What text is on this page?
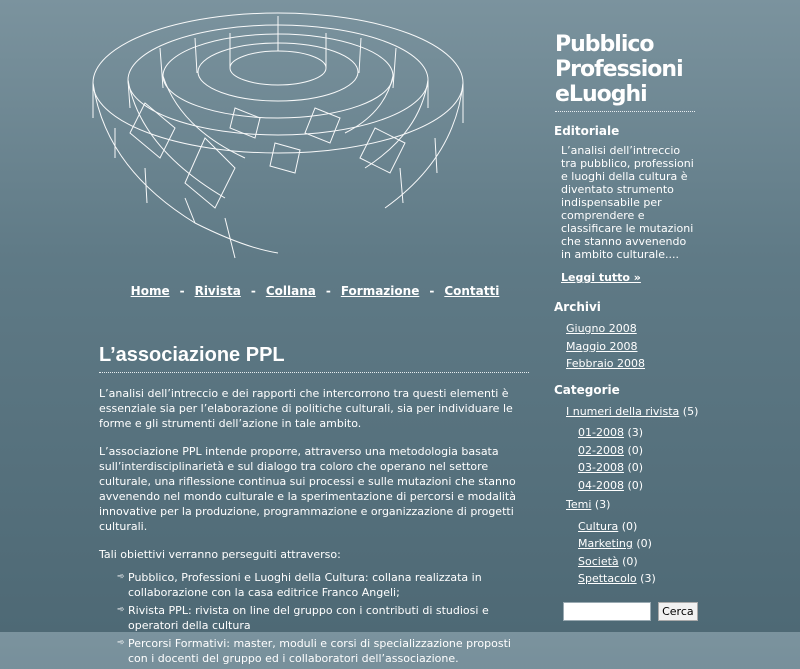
Pubblico
Professioni
eLuoghi
Home - Rivista - Collana - Formazione - Contatti
L’associazione PPL

L’analisi dell’intreccio e dei rapporti che intercorrono tra questi elementi è essenziale sia per l’elaborazione di politiche culturali, sia per individuare le forme e gli strumenti dell’azione in tale ambito.

L’associazione PPL intende proporre, attraverso una metodologia basata sull’interdisciplinarietà e sul dialogo tra coloro che operano nel settore culturale, una riflessione continua sui processi e sulle mutazioni che stanno avvenendo nel mondo culturale e la sperimentazione di percorsi e modalità innovative per la produzione, programmazione e organizzazione di progetti culturali.

Tali obiettivi verranno perseguiti attraverso:

➾ Pubblico, Professioni e Luoghi della Cultura: collana realizzata in collaborazione con la casa editrice Franco Angeli;
➾ Rivista PPL: rivista on line del gruppo con i contributi di studiosi e operatori della cultura
➾ Percorsi Formativi: master, moduli e corsi di specializzazione proposti con i docenti del gruppo ed i collaboratori dell’associazione.
Editoriale
L’analisi dell’intreccio tra pubblico, professioni e luoghi della cultura è diventato strumento indispensabile per comprendere e classificare le mutazioni che stanno avvenendo in ambito culturale....
Leggi tutto »
Archivi
Giugno 2008
Maggio 2008
Febbraio 2008
Categorie
I numeri della rivista (5)
01-2008 (3)
02-2008 (0)
03-2008 (0)
04-2008 (0)
Temi (3)
Cultura (0)
Marketing (0)
Società (0)
Spettacolo (3)
Cerca
